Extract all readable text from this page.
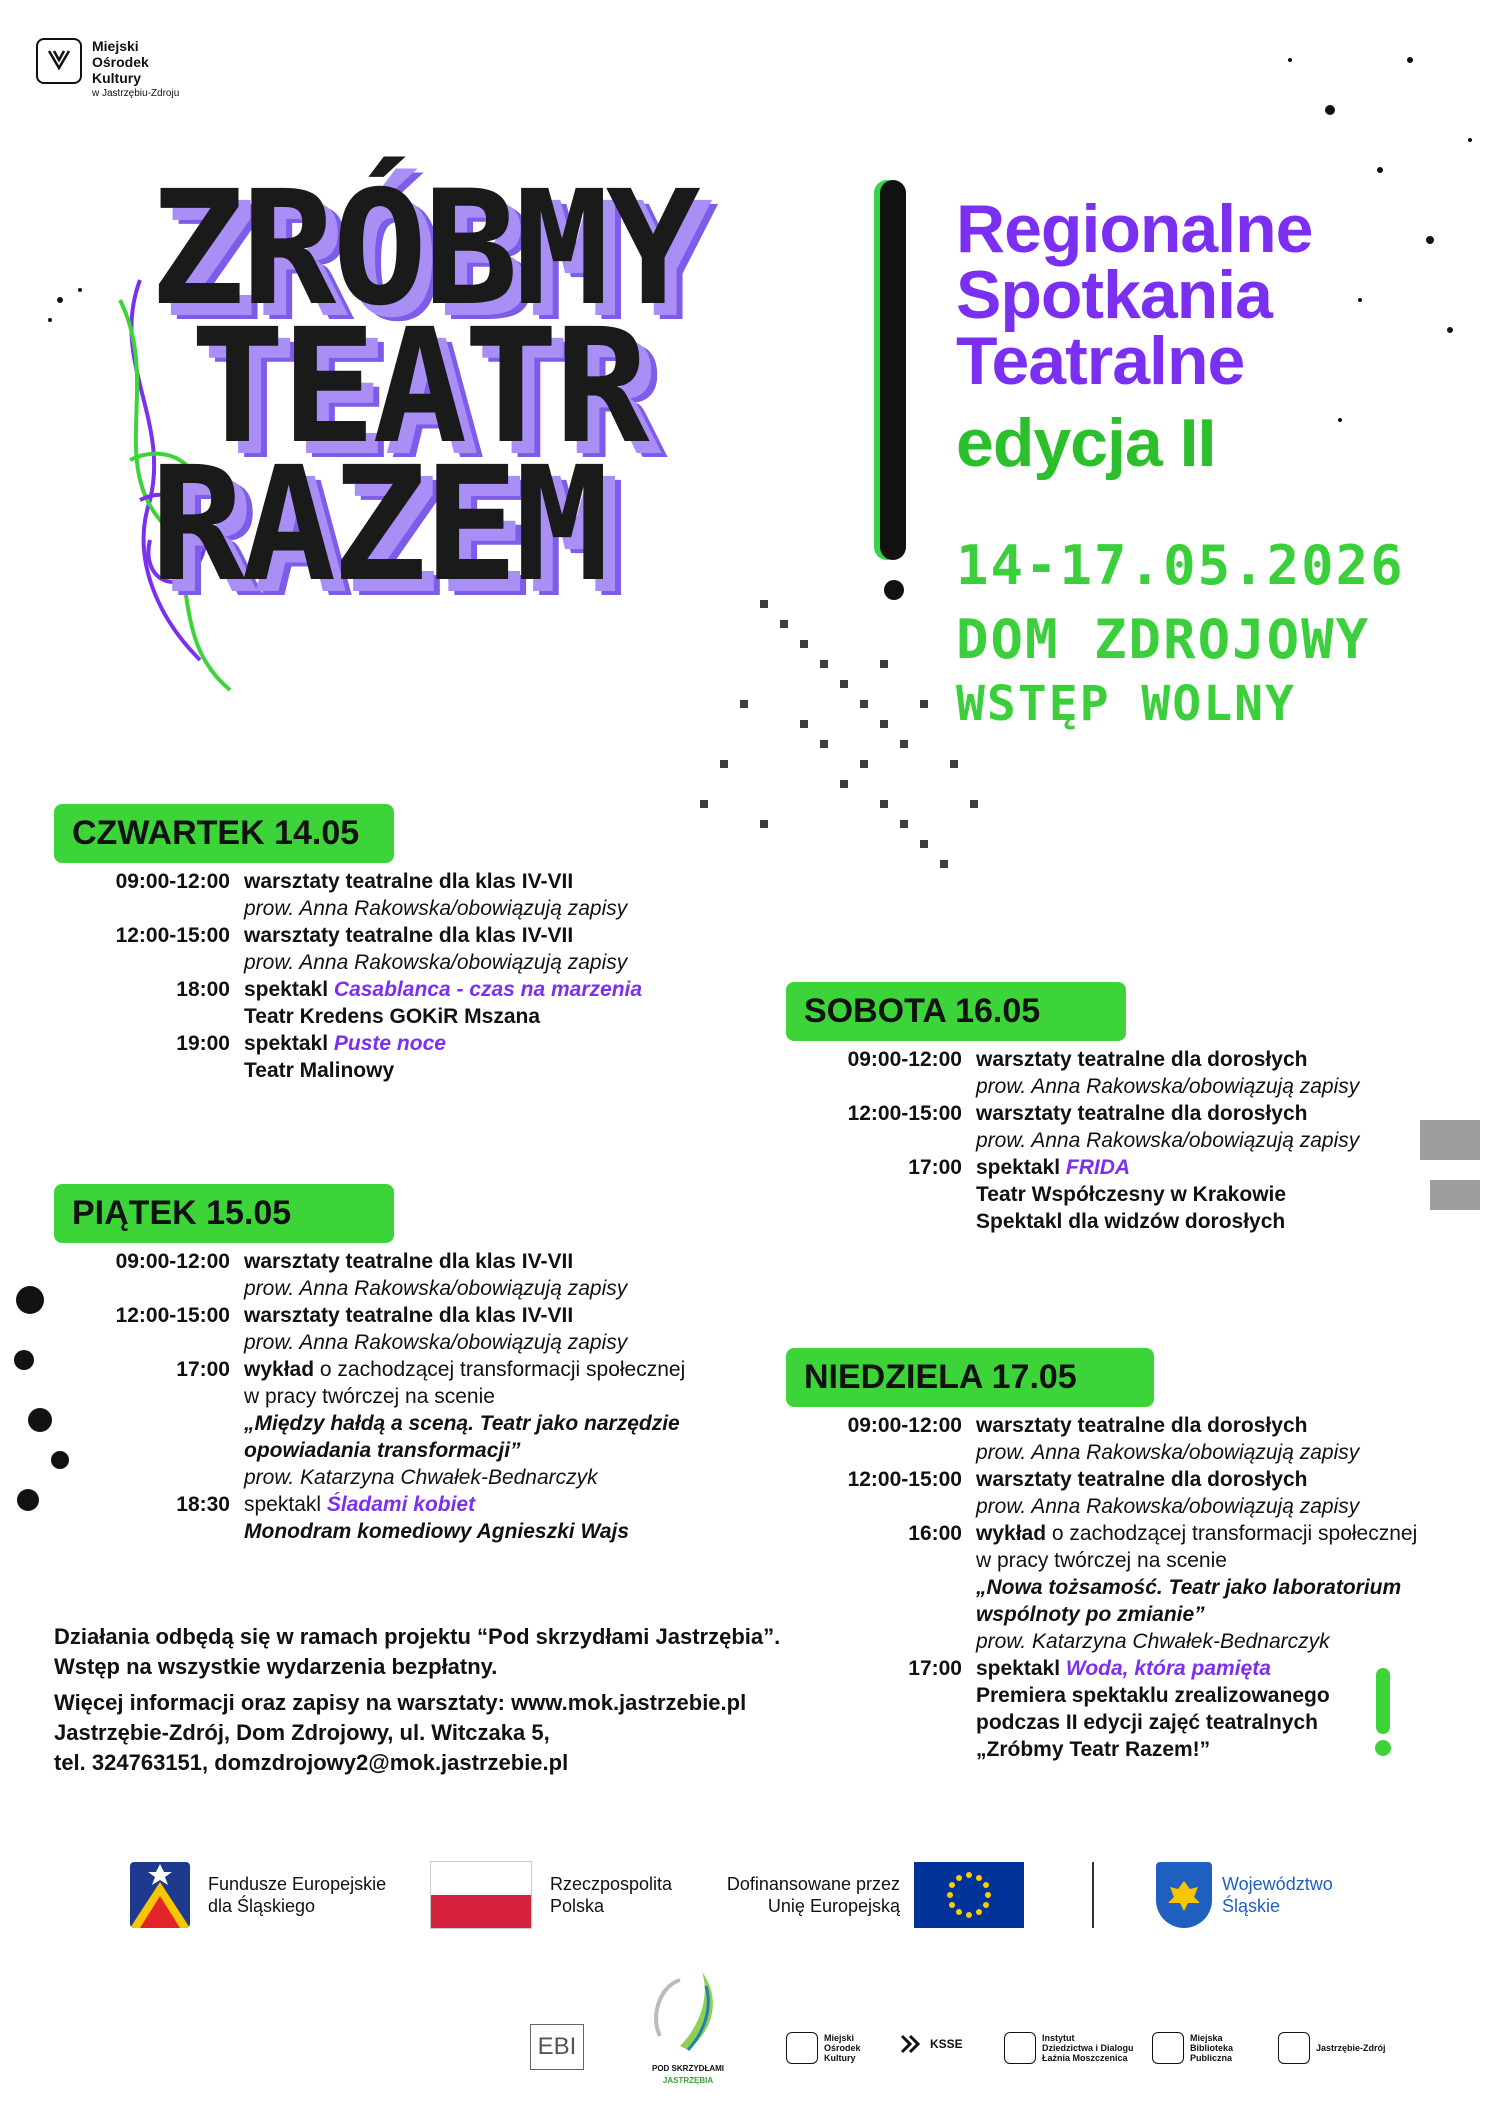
Miejski
Ośrodek
Kultury
w Jastrzębiu-Zdroju
ZRÓBMY
TEATR
RAZEM
Regionalne
Spotkania
Teatralne
edycja II
14-17.05.2026
DOM ZDROJOWY
WSTĘP WOLNY
CZWARTEK 14.05
09:00-12:00 warsztaty teatralne dla klas IV-VII
prow. Anna Rakowska/obowiązują zapisy
12:00-15:00 warsztaty teatralne dla klas IV-VII
prow. Anna Rakowska/obowiązują zapisy
18:00 spektakl Casablanca - czas na marzenia
Teatr Kredens GOKiR Mszana
19:00 spektakl Puste noce
Teatr Malinowy
PIĄTEK 15.05
09:00-12:00 warsztaty teatralne dla klas IV-VII
prow. Anna Rakowska/obowiązują zapisy
12:00-15:00 warsztaty teatralne dla klas IV-VII
prow. Anna Rakowska/obowiązują zapisy
17:00 wykład o zachodzącej transformacji społecznej
w pracy twórczej na scenie
„Między hałdą a sceną. Teatr jako narzędzie
opowiadania transformacji”
prow. Katarzyna Chwałek-Bednarczyk
18:30 spektakl Śladami kobiet
Monodram komediowy Agnieszki Wajs
SOBOTA 16.05
09:00-12:00 warsztaty teatralne dla dorosłych
prow. Anna Rakowska/obowiązują zapisy
12:00-15:00 warsztaty teatralne dla dorosłych
prow. Anna Rakowska/obowiązują zapisy
17:00 spektakl FRIDA
Teatr Współczesny w Krakowie
Spektakl dla widzów dorosłych
NIEDZIELA 17.05
09:00-12:00 warsztaty teatralne dla dorosłych
prow. Anna Rakowska/obowiązują zapisy
12:00-15:00 warsztaty teatralne dla dorosłych
prow. Anna Rakowska/obowiązują zapisy
16:00 wykład o zachodzącej transformacji społecznej
w pracy twórczej na scenie
„Nowa tożsamość. Teatr jako laboratorium
wspólnoty po zmianie”
prow. Katarzyna Chwałek-Bednarczyk
17:00 spektakl Woda, która pamięta
Premiera spektaklu zrealizowanego
podczas II edycji zajęć teatralnych
„Zróbmy Teatr Razem!”
Działania odbędą się w ramach projektu “Pod skrzydłami Jastrzębia”.
Wstęp na wszystkie wydarzenia bezpłatny.
Więcej informacji oraz zapisy na warsztaty: www.mok.jastrzebie.pl
Jastrzębie-Zdrój, Dom Zdrojowy, ul. Witczaka 5,
tel. 324763151, domzdrojowy2@mok.jastrzebie.pl
Fundusze Europejskie
dla Śląskiego
Rzeczpospolita
Polska
Dofinansowane przez
Unię Europejską
Województwo
Śląskie
EBI
POD SKRZYDŁAMI
JASTRZĘBIA
Miejski
Ośrodek
Kultury
KSSE	Instytut
Dziedzictwa i Dialogu
Łaźnia Moszczenica
Miejska
Biblioteka
Publiczna
Jastrzębie-Zdrój
